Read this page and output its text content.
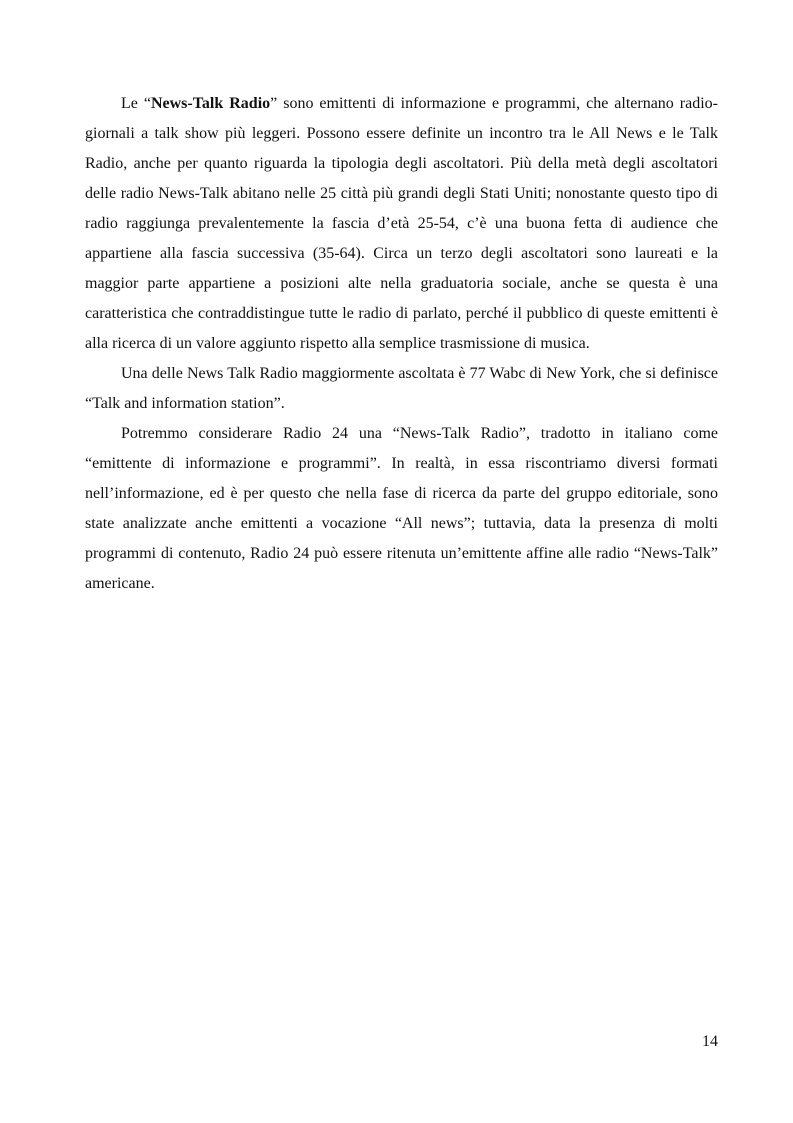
Le “News-Talk Radio” sono emittenti di informazione e programmi, che alternano radio-giornali a talk show più leggeri. Possono essere definite un incontro tra le All News e le Talk Radio, anche per quanto riguarda la tipologia degli ascoltatori. Più della metà degli ascoltatori delle radio News-Talk abitano nelle 25 città più grandi degli Stati Uniti; nonostante questo tipo di radio raggiunga prevalentemente la fascia d’età 25-54, c’è una buona fetta di audience che appartiene alla fascia successiva (35-64). Circa un terzo degli ascoltatori sono laureati e la maggior parte appartiene a posizioni alte nella graduatoria sociale, anche se questa è una caratteristica che contraddistingue tutte le radio di parlato, perché il pubblico di queste emittenti è alla ricerca di un valore aggiunto rispetto alla semplice trasmissione di musica.

Una delle News Talk Radio maggiormente ascoltata è 77 Wabc di New York, che si definisce “Talk and information station”.

Potremmo considerare Radio 24 una “News-Talk Radio”, tradotto in italiano come “emittente di informazione e programmi”. In realtà, in essa riscontriamo diversi formati nell’informazione, ed è per questo che nella fase di ricerca da parte del gruppo editoriale, sono state analizzate anche emittenti a vocazione “All news”; tuttavia, data la presenza di molti programmi di contenuto, Radio 24 può essere ritenuta un’emittente affine alle radio “News-Talk” americane.

14
